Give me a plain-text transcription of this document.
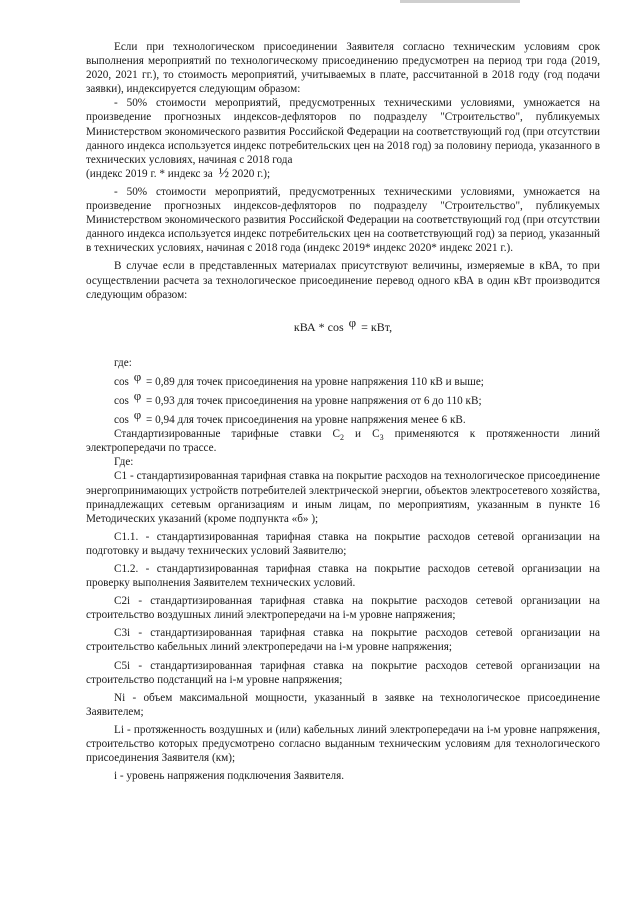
Если при технологическом присоединении Заявителя согласно техническим условиям срок выполнения мероприятий по технологическому присоединению предусмотрен на период три года (2019, 2020, 2021 гг.), то стоимость мероприятий, учитываемых в плате, рассчитанной в 2018 году (год подачи заявки), индексируется следующим образом:

- 50% стоимости мероприятий, предусмотренных техническими условиями, умножается на произведение прогнозных индексов-дефляторов по подразделу "Строительство", публикуемых Министерством экономического развития Российской Федерации на соответствующий год (при отсутствии данного индекса используется индекс потребительских цен на 2018 год) за половину периода, указанного в технических условиях, начиная с 2018 года

(индекс 2019 г. * индекс за ½ 2020 г.);

- 50% стоимости мероприятий, предусмотренных техническими условиями, умножается на произведение прогнозных индексов-дефляторов по подразделу "Строительство", публикуемых Министерством экономического развития Российской Федерации на соответствующий год (при отсутствии данного индекса используется индекс потребительских цен на соответствующий год) за период, указанный в технических условиях, начиная с 2018 года (индекс 2019* индекс 2020* индекс 2021 г.).

В случае если в представленных материалах присутствуют величины, измеряемые в кВА, то при осуществлении расчета за технологическое присоединение перевод одного кВА в один кВт производится следующим образом:

кВА * cos φ = кВт,

где:

cos φ = 0,89 для точек присоединения на уровне напряжения 110 кВ и выше;

cos φ = 0,93 для точек присоединения на уровне напряжения от 6 до 110 кВ;

cos φ = 0,94 для точек присоединения на уровне напряжения менее 6 кВ.

Стандартизированные тарифные ставки $С_2$ и $С_3$ применяются к протяженности линий электропередачи по трассе.

Где:

С1 - стандартизированная тарифная ставка на покрытие расходов на технологическое присоединение энергопринимающих устройств потребителей электрической энергии, объектов электросетевого хозяйства, принадлежащих сетевым организациям и иным лицам, по мероприятиям, указанным в пункте 16 Методических указаний (кроме подпункта «б» );

С1.1. - стандартизированная тарифная ставка на покрытие расходов сетевой организации на подготовку и выдачу технических условий Заявителю;

С1.2. - стандартизированная тарифная ставка на покрытие расходов сетевой организации на проверку выполнения Заявителем технических условий.

С2i - стандартизированная тарифная ставка на покрытие расходов сетевой организации на строительство воздушных линий электропередачи на i-м уровне напряжения;

С3i - стандартизированная тарифная ставка на покрытие расходов сетевой организации на строительство кабельных линий электропередачи на i-м уровне напряжения;

С5i - стандартизированная тарифная ставка на покрытие расходов сетевой организации на строительство подстанций на i-м уровне напряжения;

Ni - объем максимальной мощности, указанный в заявке на технологическое присоединение Заявителем;

Li - протяженность воздушных и (или) кабельных линий электропередачи на i-м уровне напряжения, строительство которых предусмотрено согласно выданным техническим условиям для технологического присоединения Заявителя (км);

i - уровень напряжения подключения Заявителя.
